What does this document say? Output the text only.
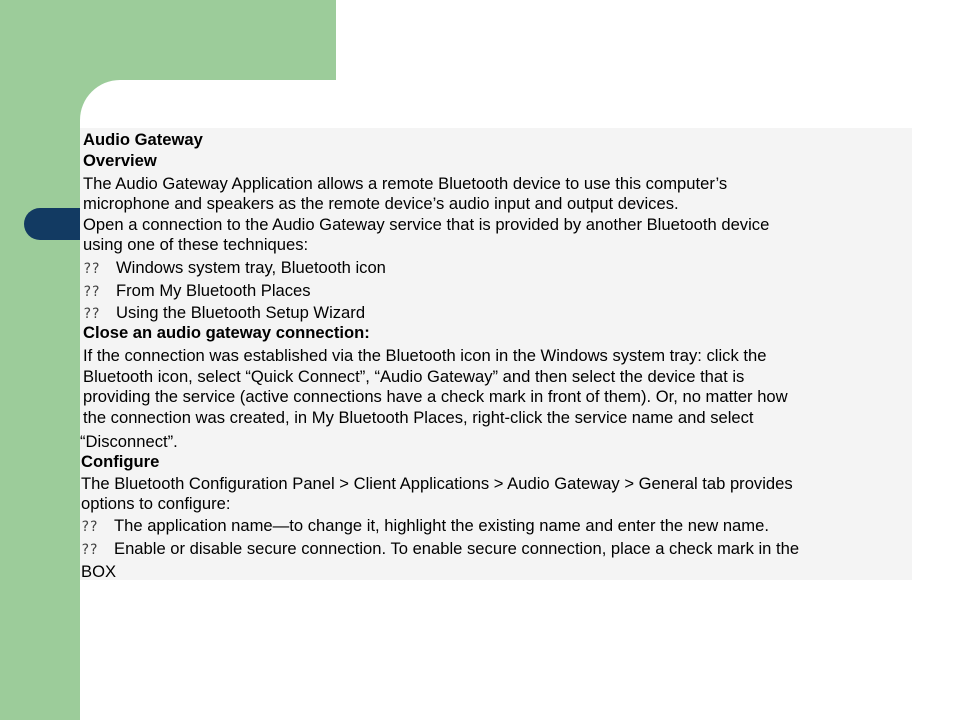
Audio Gateway
Overview
The Audio Gateway Application allows a remote Bluetooth device to use this computer’s
microphone and speakers as the remote device’s audio input and output devices.
Open a connection to the Audio Gateway service that is provided by another Bluetooth device
using one of these techniques:
?? Windows system tray, Bluetooth icon
?? From My Bluetooth Places
?? Using the Bluetooth Setup Wizard
Close an audio gateway connection:
If the connection was established via the Bluetooth icon in the Windows system tray: click the
Bluetooth icon, select “Quick Connect”, “Audio Gateway” and then select the device that is
providing the service (active connections have a check mark in front of them). Or, no matter how
the connection was created, in My Bluetooth Places, right-click the service name and select
“Disconnect”.
Configure
The Bluetooth Configuration Panel > Client Applications > Audio Gateway > General tab provides
options to configure:
?? The application name—to change it, highlight the existing name and enter the new name.
?? Enable or disable secure connection. To enable secure connection, place a check mark in the
BOX
